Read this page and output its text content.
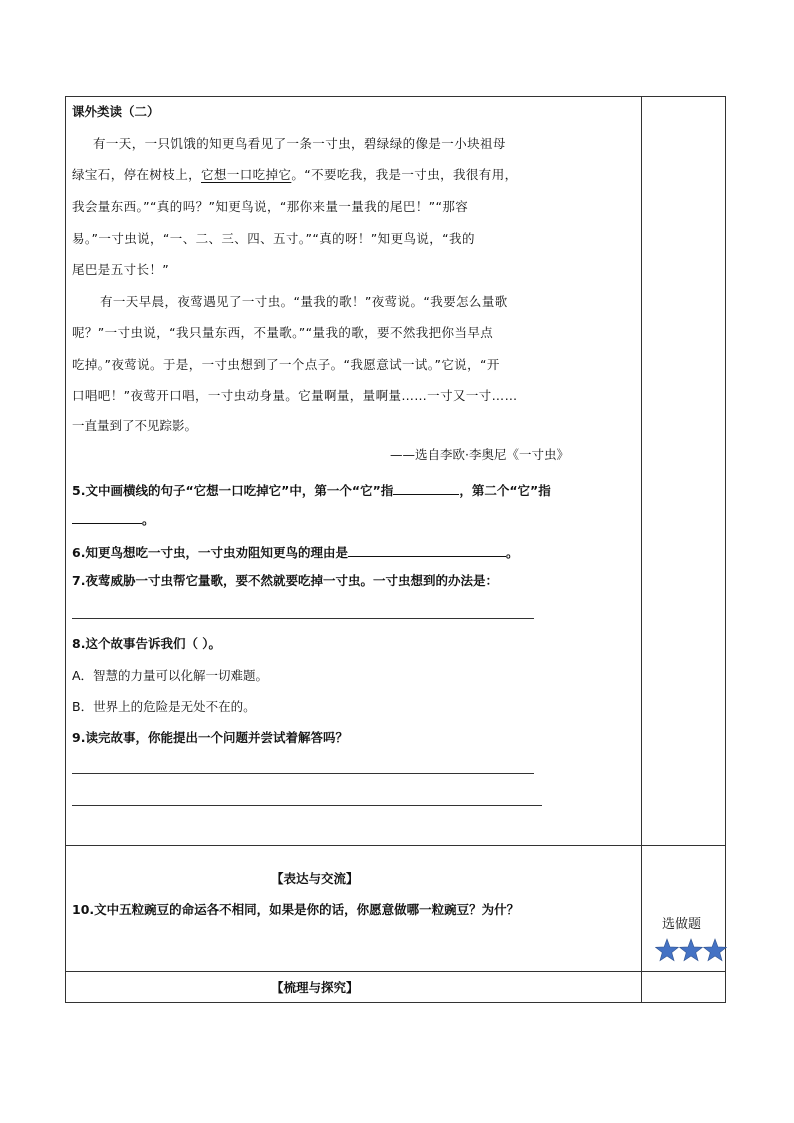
课外类读（二）
有一天，一只饥饿的知更鸟看见了一条一寸虫，碧绿绿的像是一小块祖母
绿宝石，停在树枝上，它想一口吃掉它。“不要吃我，我是一寸虫，我很有用，
我会量东西。”“真的吗？”知更鸟说，“那你来量一量我的尾巴！”“那容
易。”一寸虫说，“一、二、三、四、五寸。”“真的呀！”知更鸟说，“我的
尾巴是五寸长！”
有一天早晨，夜莺遇见了一寸虫。“量我的歌！”夜莺说。“我要怎么量歌
呢？”一寸虫说，“我只量东西，不量歌。”“量我的歌，要不然我把你当早点
吃掉。”夜莺说。于是，一寸虫想到了一个点子。“我愿意试一试。”它说，“开
口唱吧！”夜莺开口唱，一寸虫动身量。它量啊量，量啊量……一寸又一寸……
一直量到了不见踪影。
——选自李欧·李奥尼《一寸虫》
5.文中画横线的句子“它想一口吃掉它”中，第一个“它”指	，第二个“它”指
。
6.知更鸟想吃一寸虫，一寸虫劝阻知更鸟的理由是	。
7.夜莺威胁一寸虫帮它量歌，要不然就要吃掉一寸虫。一寸虫想到的办法是：
8.这个故事告诉我们（ ）。
A．智慧的力量可以化解一切难题。
B．世界上的危险是无处不在的。
9.读完故事，你能提出一个问题并尝试着解答吗？
【表达与交流】
10.文中五粒豌豆的命运各不相同，如果是你的话，你愿意做哪一粒豌豆？为什？
选做题
【梳理与探究】
